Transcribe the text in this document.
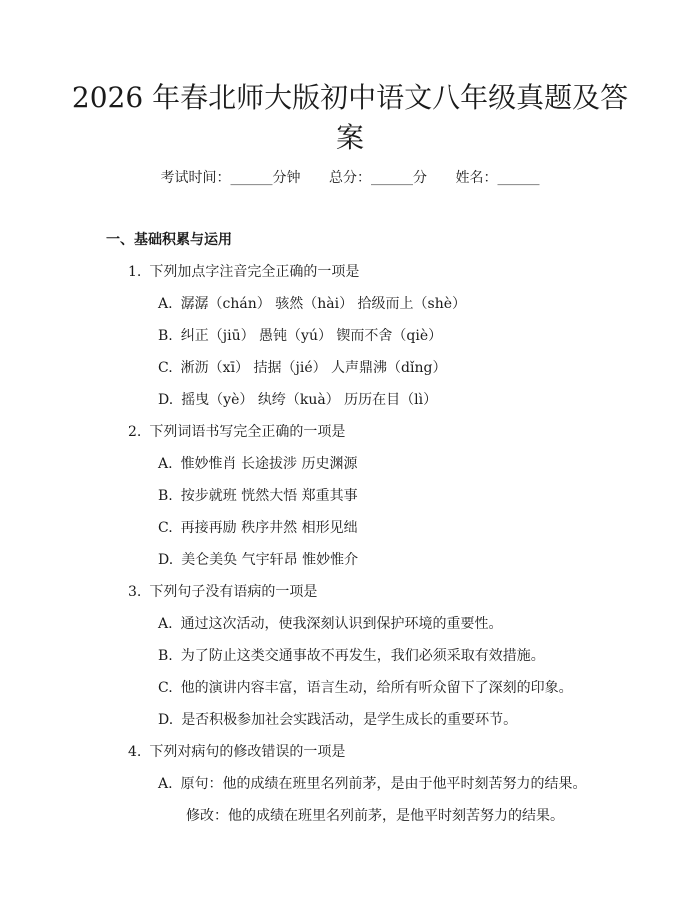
2026 年春北师大版初中语文八年级真题及答
案
考试时间：______分钟 总分：______分 姓名：______
一、基础积累与运用
1. 下列加点字注音完全正确的一项是
A. 潺潺（chán） 骇然（hài） 拾级而上（shè）
B. 纠正（jiū） 愚钝（yú） 锲而不舍（qiè）
C. 淅沥（xī） 拮据（jié） 人声鼎沸（dǐng）
D. 摇曳（yè） 纨绔（kuà） 历历在目（lì）
2. 下列词语书写完全正确的一项是
A. 惟妙惟肖 长途拔涉 历史渊源
B. 按步就班 恍然大悟 郑重其事
C. 再接再励 秩序井然 相形见绌
D. 美仑美奂 气宇轩昂 惟妙惟介
3. 下列句子没有语病的一项是
A. 通过这次活动，使我深刻认识到保护环境的重要性。
B. 为了防止这类交通事故不再发生，我们必须采取有效措施。
C. 他的演讲内容丰富，语言生动，给所有听众留下了深刻的印象。
D. 是否积极参加社会实践活动，是学生成长的重要环节。
4. 下列对病句的修改错误的一项是
A. 原句：他的成绩在班里名列前茅，是由于他平时刻苦努力的结果。
修改：他的成绩在班里名列前茅，是他平时刻苦努力的结果。
